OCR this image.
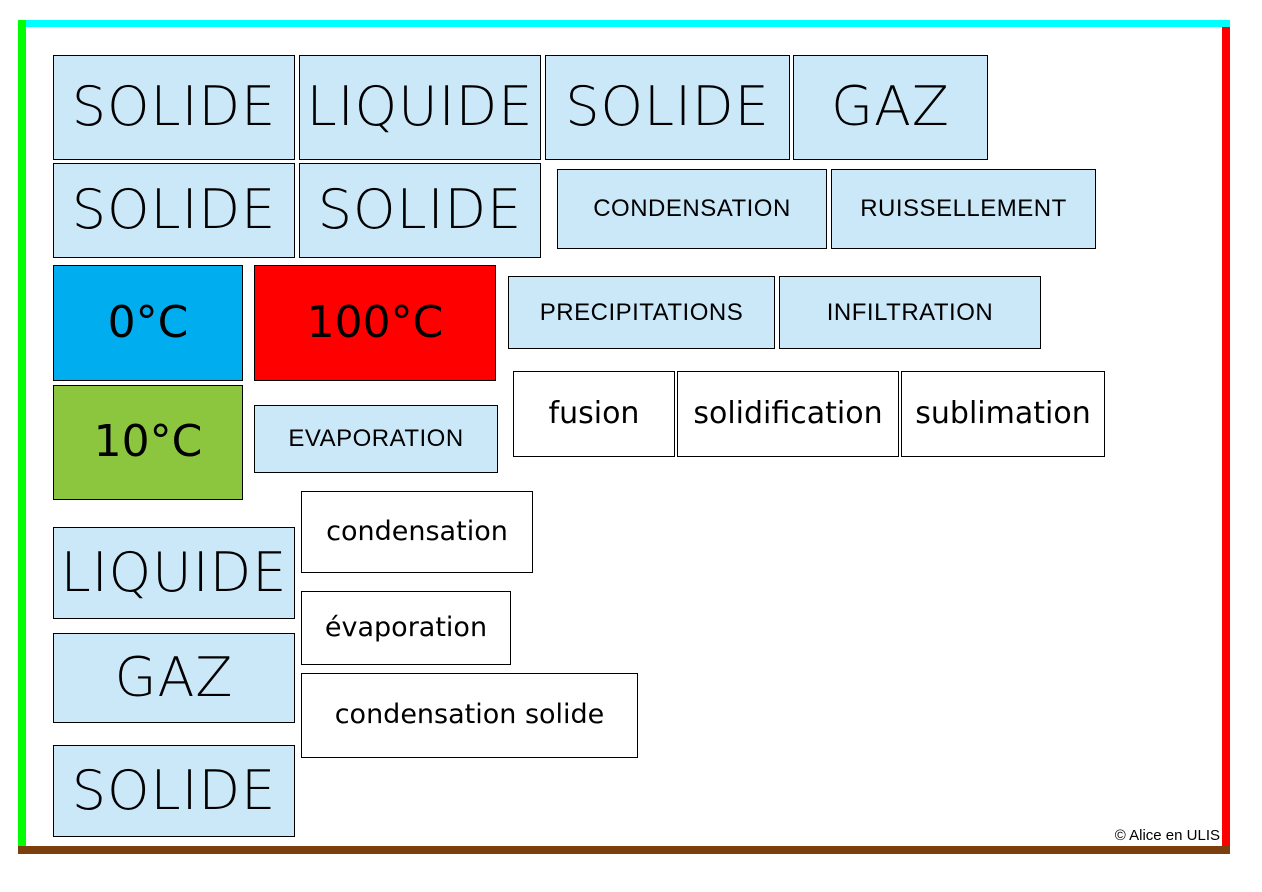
SOLIDE LIQUIDE SOLIDE	GAZ
SOLIDE SOLIDE	CONDENSATION	RUISSELLEMENT
0°C	100°C	PRECIPITATIONS	INFILTRATION
10°C	EVAPORATION
fusion	solidification	sublimation
LIQUIDE
condensation
GAZ
évaporation
SOLIDE
condensation solide
© Alice en ULIS
